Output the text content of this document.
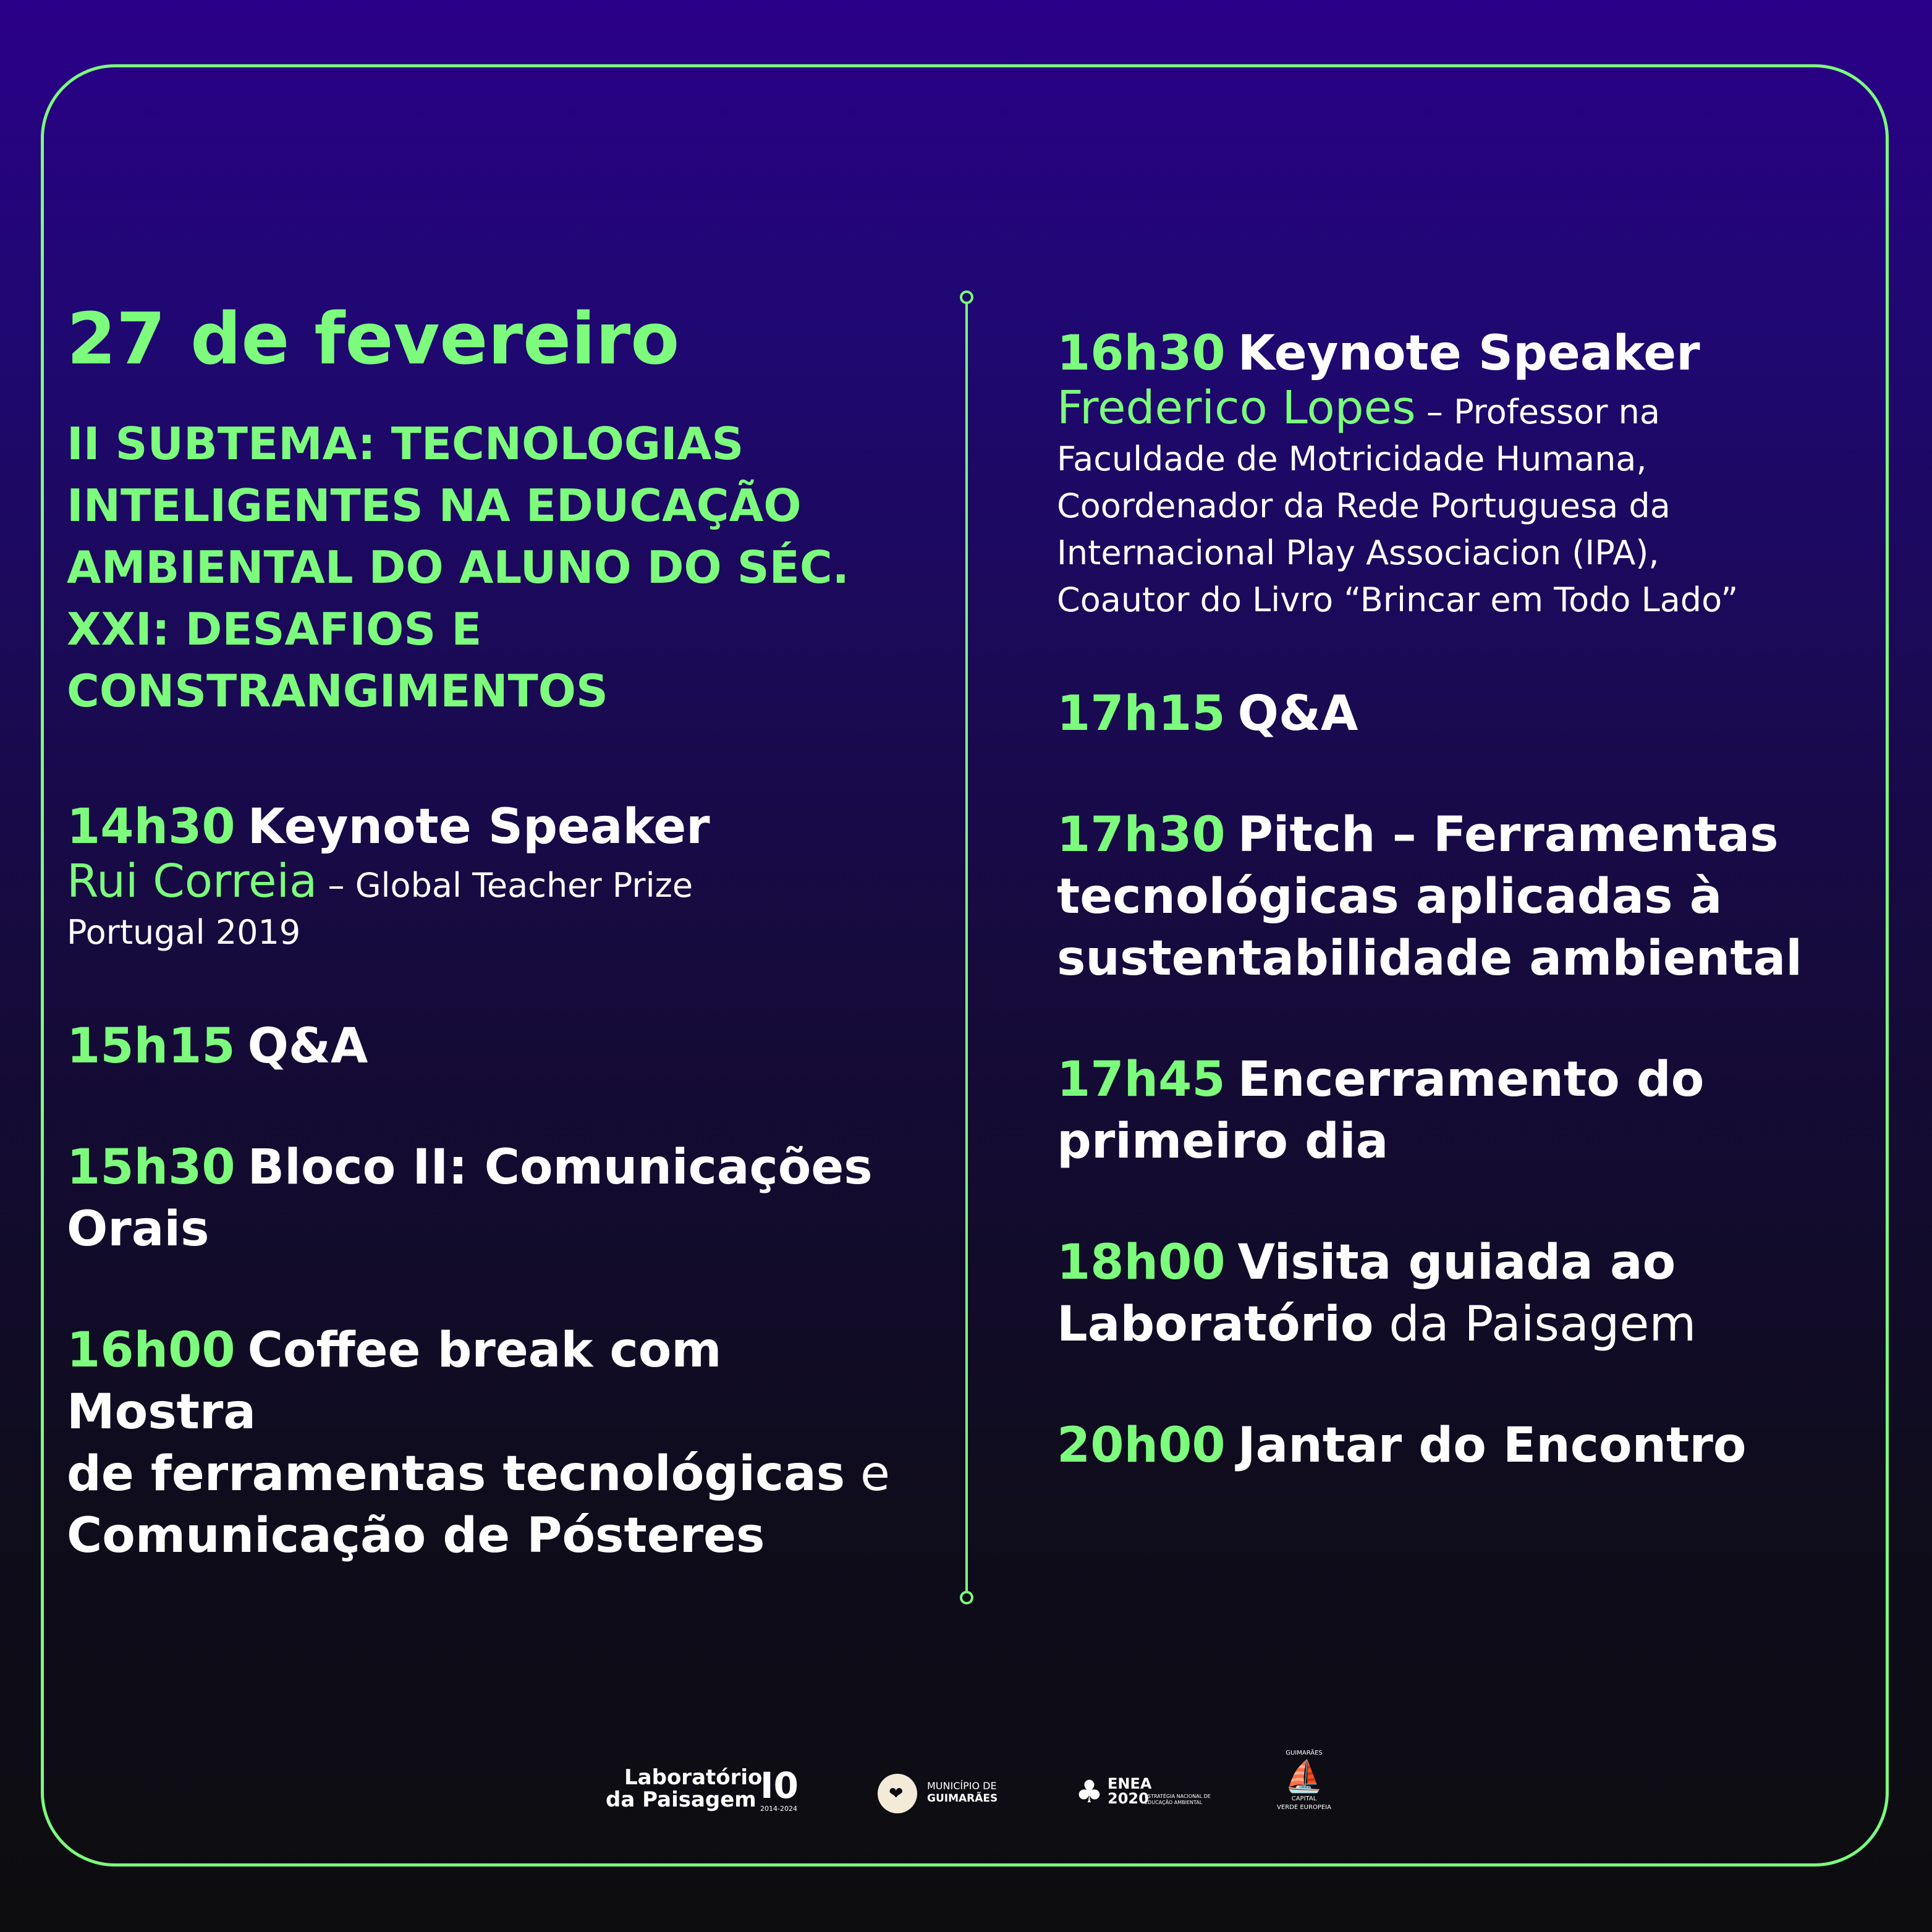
27 de fevereiro
II SUBTEMA: TECNOLOGIAS
INTELIGENTES NA EDUCAÇÃO
AMBIENTAL DO ALUNO DO SÉC.
XXI: DESAFIOS E
CONSTRANGIMENTOS
14h30 Keynote Speaker
Rui Correia – Global Teacher Prize
Portugal 2019
15h15 Q&A
15h30 Bloco II: Comunicações
Orais
16h00 Coffee break com Mostra
de ferramentas tecnológicas e
Comunicação de Pósteres
16h30 Keynote Speaker
Frederico Lopes – Professor na
Faculdade de Motricidade Humana,
Coordenador da Rede Portuguesa da
Internacional Play Associacion (IPA),
Coautor do Livro “Brincar em Todo Lado”
17h15 Q&A
17h30 Pitch – Ferramentas
tecnológicas aplicadas à
sustentabilidade ambiental
17h45 Encerramento do
primeiro dia
18h00 Visita guiada ao
Laboratório da Paisagem
20h00 Jantar do Encontro
Laboratório
da Paisagem I0
2014-2024
❤ MUNICÍPIO DE
GUIMARÃES	♣ ENEA
2020
ESTRATÉGIA NACIONAL DE EDUCAÇÃO AMBIENTAL
GUIMARÃES
⛵
CAPITAL
VERDE EUROPEIA
